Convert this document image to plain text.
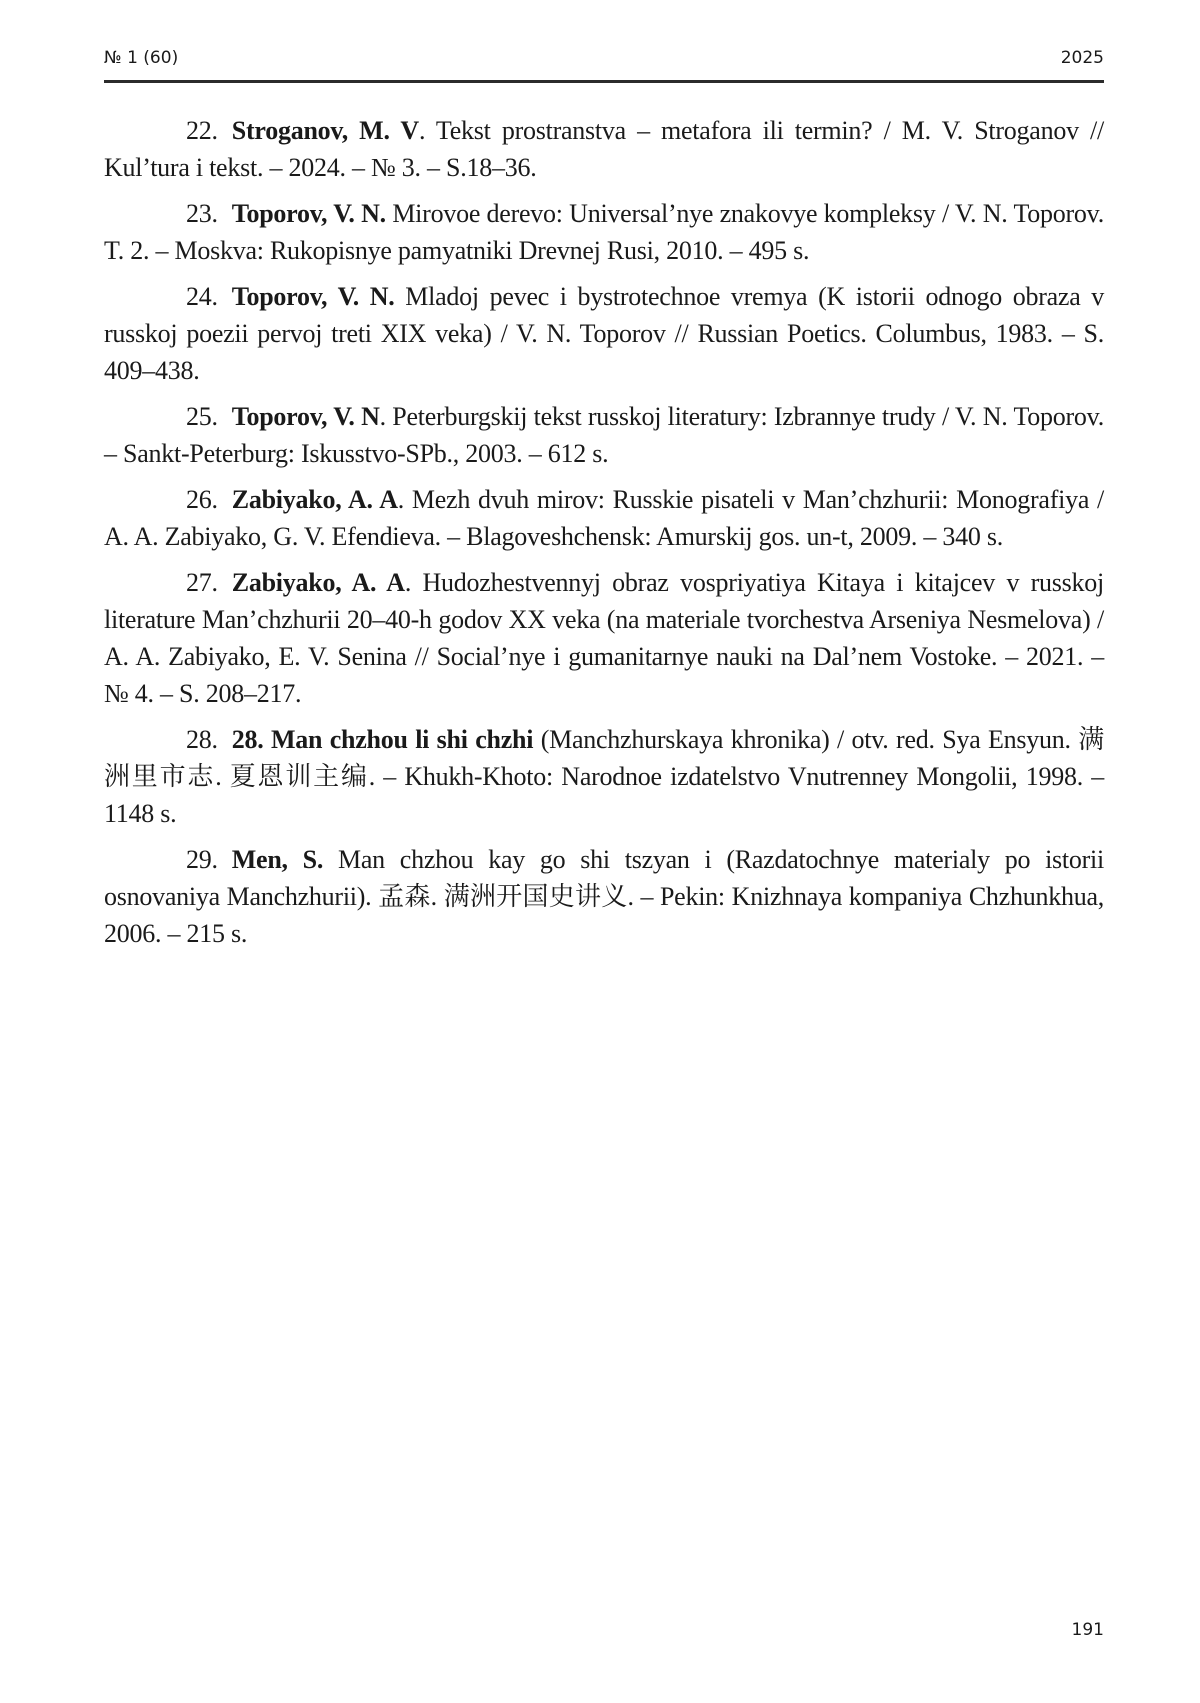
№ 1 (60)	2025

22. Stroganov, M. V. Tekst prostranstva – metafora ili termin? / M. V. Stroganov // Kul’tura i tekst. – 2024. – № 3. – S.18–36.

23. Toporov, V. N. Mirovoe derevo: Universal’nye znakovye kompleksy / V. N. Toporov. T. 2. – Moskva: Rukopisnye pamyatniki Drevnej Rusi, 2010. – 495 s.

24. Toporov, V. N. Mladoj pevec i bystrotechnoe vremya (K istorii odnogo obraza v russkoj poezii pervoj treti XIX veka) / V. N. Toporov // Russian Poetics. Columbus, 1983. – S. 409–438.

25. Toporov, V. N. Peterburgskij tekst russkoj literatury: Izbrannye trudy / V. N. Toporov. – Sankt-Peterburg: Iskusstvo-SPb., 2003. – 612 s.

26. Zabiyako, A. A. Mezh dvuh mirov: Russkie pisateli v Man’chzhurii: Monografiya / A. A. Zabiyako, G. V. Efendieva. – Blagoveshchensk: Amurskij gos. un-t, 2009. – 340 s.

27. Zabiyako, A. A. Hudozhestvennyj obraz vospriyatiya Kitaya i kitajcev v russkoj literature Man’chzhurii 20–40-h godov XX veka (na materiale tvorchestva Arseniya Nesmelova) / A. A. Zabiyako, E. V. Senina // Social’nye i gumanitarnye nauki na Dal’nem Vostoke. – 2021. – № 4. – S. 208–217.

28. 28. Man chzhou li shi chzhi (Manchzhurskaya khronika) / otv. red. Sya Ensyun. 满洲里市志. 夏恩训主编. – Khukh-Khoto: Narodnoe izdatelstvo Vnutrenney Mongolii, 1998. – 1148 s.

29. Men, S. Man chzhou kay go shi tszyan i (Razdatochnye materialy po istorii osnovaniya Manchzhurii). 孟森. 满洲开国史讲义. – Pekin: Knizhnaya kompaniya Chzhunkhua, 2006. – 215 s.

191
